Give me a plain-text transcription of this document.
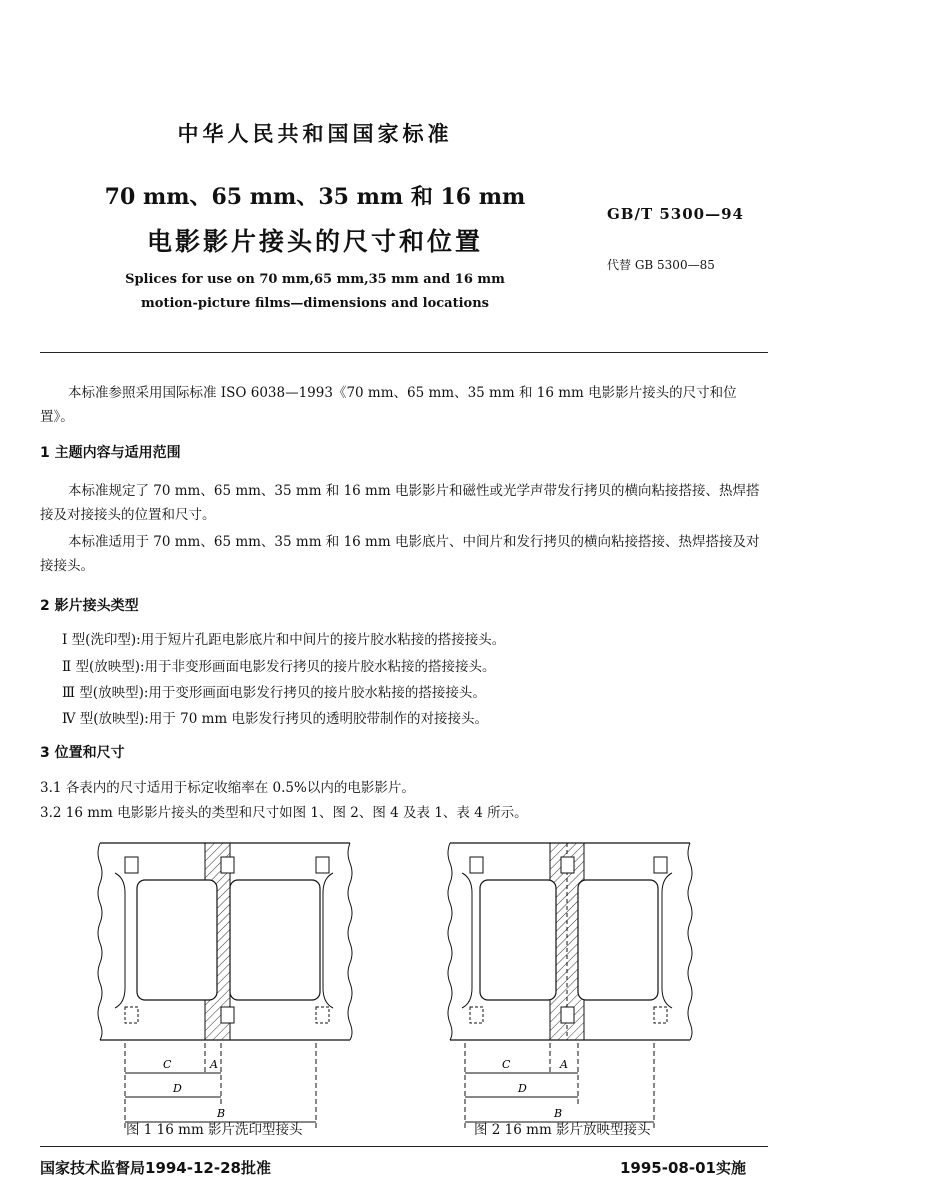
中华人民共和国国家标准
70 mm、65 mm、35 mm 和 16 mm
电影影片接头的尺寸和位置
Splices for use on 70 mm,65 mm,35 mm and 16 mm
motion-picture films—dimensions and locations
GB/T 5300—94
代替 GB 5300—85
本标准参照采用国际标准 ISO 6038—1993《70 mm、65 mm、35 mm 和 16 mm 电影影片接头的尺寸和位置》。
1 主题内容与适用范围
本标准规定了 70 mm、65 mm、35 mm 和 16 mm 电影影片和磁性或光学声带发行拷贝的横向粘接搭接、热焊搭接及对接接头的位置和尺寸。
本标准适用于 70 mm、65 mm、35 mm 和 16 mm 电影底片、中间片和发行拷贝的横向粘接搭接、热焊搭接及对接接头。
2 影片接头类型
Ⅰ 型(洗印型):用于短片孔距电影底片和中间片的接片胶水粘接的搭接接头。
Ⅱ 型(放映型):用于非变形画面电影发行拷贝的接片胶水粘接的搭接接头。
Ⅲ 型(放映型):用于变形画面电影发行拷贝的接片胶水粘接的搭接接头。
Ⅳ 型(放映型):用于 70 mm 电影发行拷贝的透明胶带制作的对接接头。
3 位置和尺寸
3.1 各表内的尺寸适用于标定收缩率在 0.5%以内的电影影片。
3.2 16 mm 电影影片接头的类型和尺寸如图 1、图 2、图 4 及表 1、表 4 所示。
C	A
D
B
图 1 16 mm 影片洗印型接头
C	A
D
B
图 2 16 mm 影片放映型接头
国家技术监督局1994-12-28批准	1995-08-01实施
